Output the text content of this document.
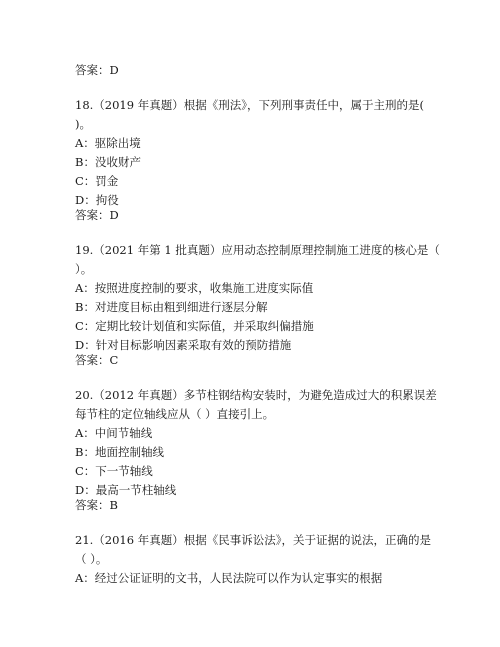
答案：D
18.（2019 年真题）根据《刑法》，下列刑事责任中，属于主刑的是(
)。
A：驱除出境
B：没收财产
C：罚金
D：拘役
答案：D
19.（2021 年第 1 批真题）应用动态控制原理控制施工进度的核心是（
）。
A：按照进度控制的要求，收集施工进度实际值
B：对进度目标由粗到细进行逐层分解
C：定期比较计划值和实际值，并采取纠偏措施
D：针对目标影响因素采取有效的预防措施
答案：C
20.（2012 年真题）多节柱钢结构安装时，为避免造成过大的积累误差
每节柱的定位轴线应从（ ）直接引上。
A：中间节轴线
B：地面控制轴线
C：下一节轴线
D：最高一节柱轴线
答案：B
21.（2016 年真题）根据《民事诉讼法》，关于证据的说法，正确的是
（ ）。
A：经过公证证明的文书，人民法院可以作为认定事实的根据
